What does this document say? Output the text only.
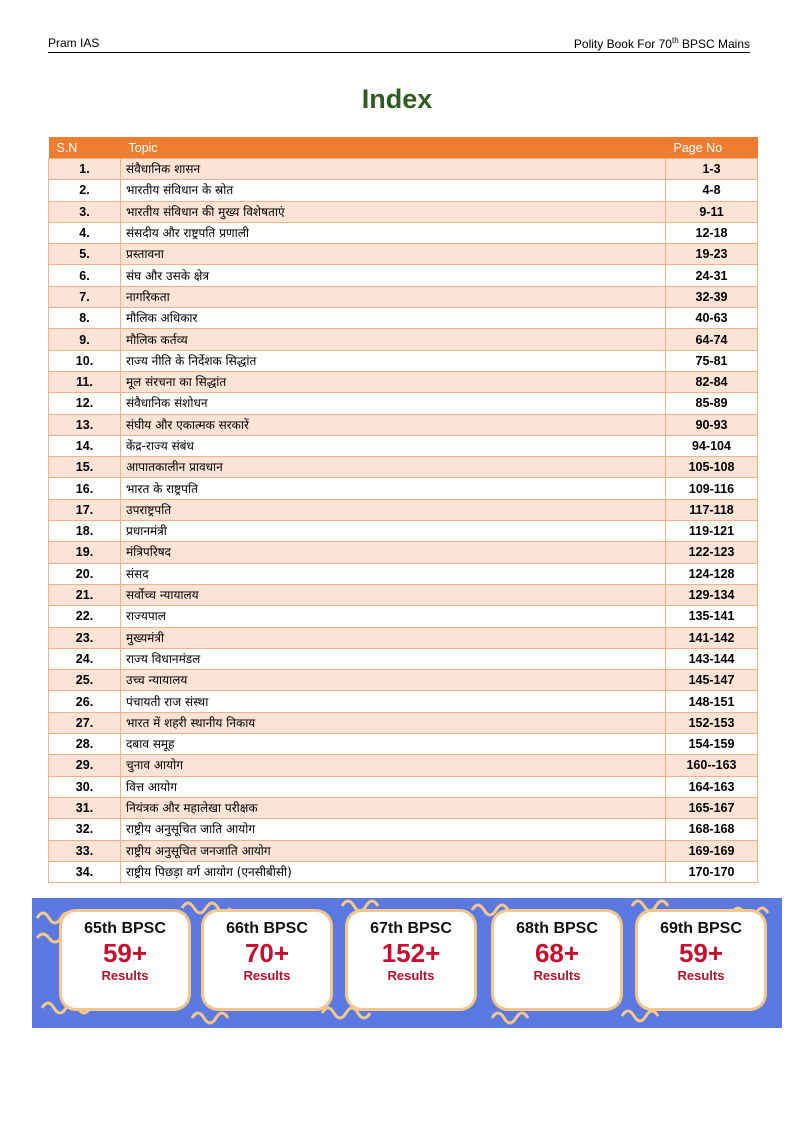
Pram IAS	Polity Book For 70th BPSC Mains
Index
S.N	Topic	Page No
1.	संवैधानिक शासन	1-3
2.	भारतीय संविधान के स्रोत	4-8
3.	भारतीय संविधान की मुख्य विशेषताएं	9-11
4.	संसदीय और राष्ट्रपति प्रणाली	12-18
5.	प्रस्तावना	19-23
6.	संघ और उसके क्षेत्र	24-31
7.	नागरिकता	32-39
8.	मौलिक अधिकार	40-63
9.	मौलिक कर्तव्य	64-74
10.	राज्य नीति के निर्देशक सिद्धांत	75-81
11.	मूल संरचना का सिद्धांत	82-84
12.	संवैधानिक संशोधन	85-89
13.	संघीय और एकात्मक सरकारें	90-93
14.	केंद्र-राज्य संबंध	94-104
15.	आपातकालीन प्रावधान	105-108
16.	भारत के राष्ट्रपति	109-116
17.	उपराष्ट्रपति	117-118
18.	प्रधानमंत्री	119-121
19.	मंत्रिपरिषद	122-123
20.	संसद	124-128
21.	सर्वोच्च न्यायालय	129-134
22.	राज्यपाल	135-141
23.	मुख्यमंत्री	141-142
24.	राज्य विधानमंडल	143-144
25.	उच्च न्यायालय	145-147
26.	पंचायती राज संस्था	148-151
27.	भारत में शहरी स्थानीय निकाय	152-153
28.	दबाव समूह	154-159
29.	चुनाव आयोग	160--163
30.	वित्त आयोग	164-163
31.	नियंत्रक और महालेखा परीक्षक	165-167
32.	राष्ट्रीय अनुसूचित जाति आयोग	168-168
33.	राष्ट्रीय अनुसूचित जनजाति आयोग	169-169
34.	राष्ट्रीय पिछड़ा वर्ग आयोग (एनसीबीसी)	170-170
65th BPSC
59+
Results
66th BPSC
70+
Results
67th BPSC
152+
Results
68th BPSC
68+
Results
69th BPSC
59+
Results
